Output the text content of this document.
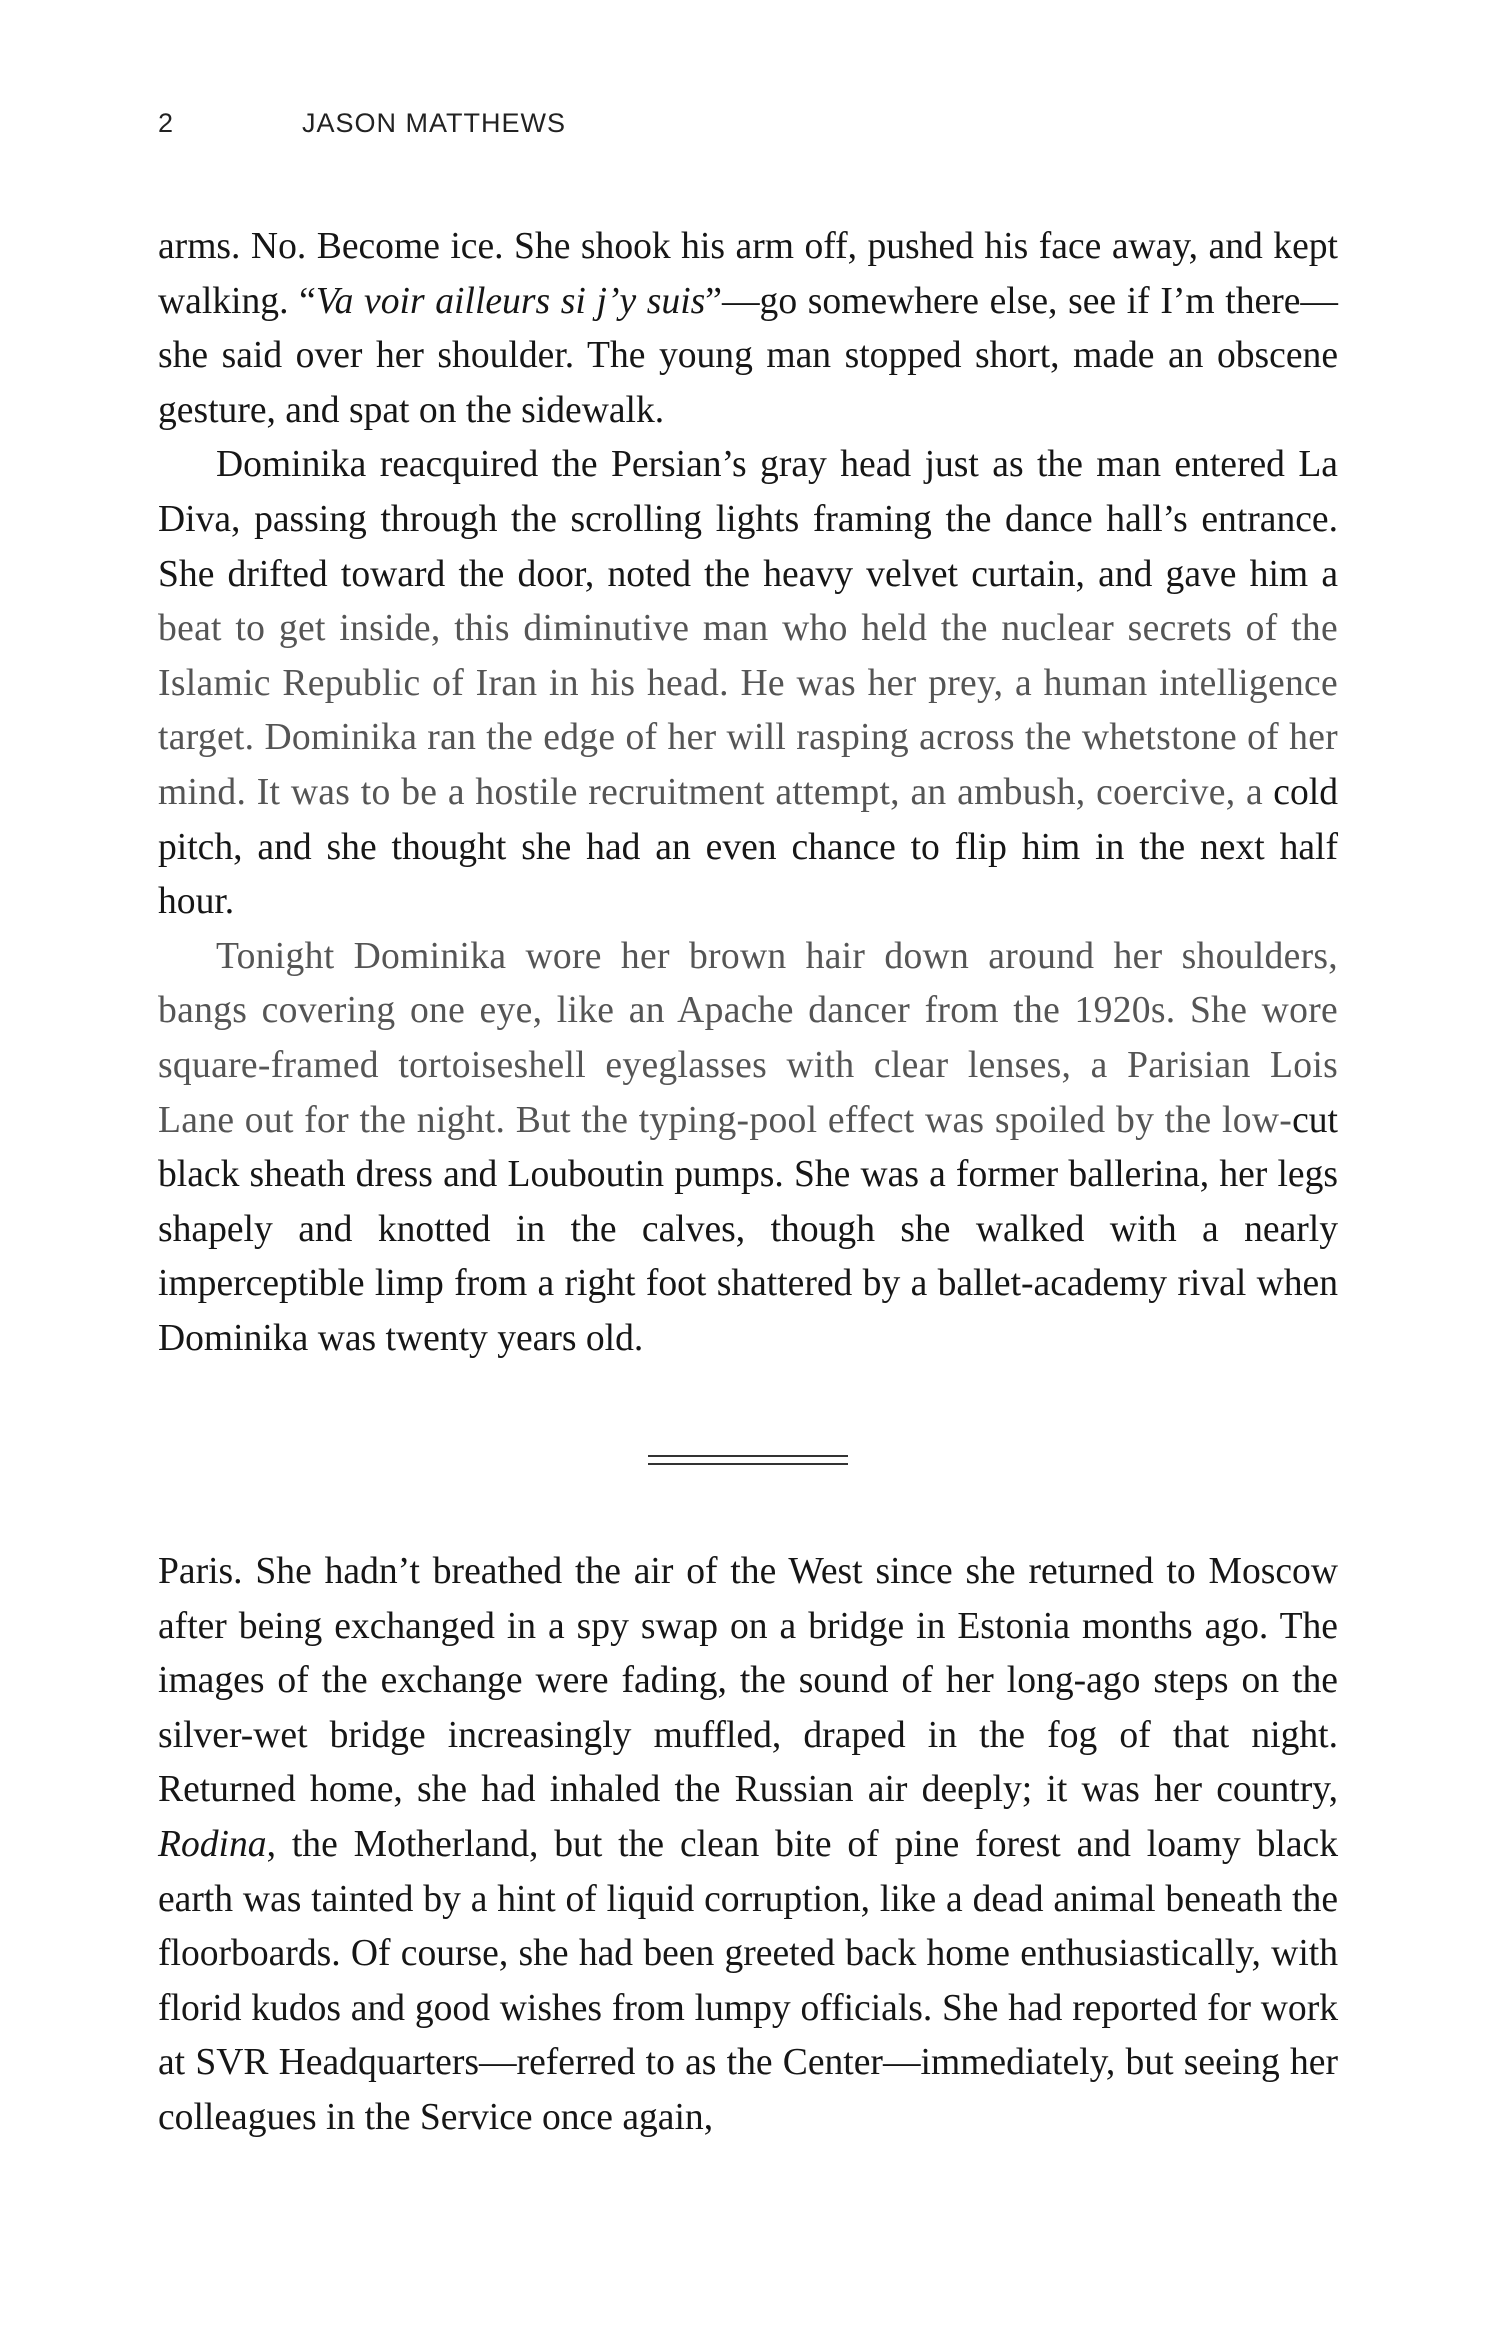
2	JASON MATTHEWS

arms. No. Become ice. She shook his arm off, pushed his face away, and kept walking. “Va voir ailleurs si j’y suis”—go somewhere else, see if I’m there—she said over her shoulder. The young man stopped short, made an obscene gesture, and spat on the sidewalk.

Dominika reacquired the Persian’s gray head just as the man entered La Diva, passing through the scrolling lights framing the dance hall’s entrance. She drifted toward the door, noted the heavy velvet curtain, and gave him a beat to get inside, this diminutive man who held the nuclear secrets of the Islamic Republic of Iran in his head. He was her prey, a human intelligence target. Dominika ran the edge of her will rasping across the whetstone of her mind. It was to be a hostile recruitment attempt, an ambush, coercive, a cold pitch, and she thought she had an even chance to flip him in the next half hour.

Tonight Dominika wore her brown hair down around her shoulders, bangs covering one eye, like an Apache dancer from the 1920s. She wore square-framed tortoiseshell eyeglasses with clear lenses, a Parisian Lois Lane out for the night. But the typing-pool effect was spoiled by the low-cut black sheath dress and Louboutin pumps. She was a former ballerina, her legs shapely and knotted in the calves, though she walked with a nearly imperceptible limp from a right foot shattered by a ballet-academy rival when Dominika was twenty years old.

Paris. She hadn’t breathed the air of the West since she returned to Moscow after being exchanged in a spy swap on a bridge in Estonia months ago. The images of the exchange were fading, the sound of her long-ago steps on the silver-wet bridge increasingly muffled, draped in the fog of that night. Returned home, she had inhaled the Russian air deeply; it was her country, Rodina, the Motherland, but the clean bite of pine forest and loamy black earth was tainted by a hint of liquid corruption, like a dead animal beneath the floorboards. Of course, she had been greeted back home enthusiastically, with florid kudos and good wishes from lumpy officials. She had reported for work at SVR Headquarters—referred to as the Center—immediately, but seeing her colleagues in the Service once again,
